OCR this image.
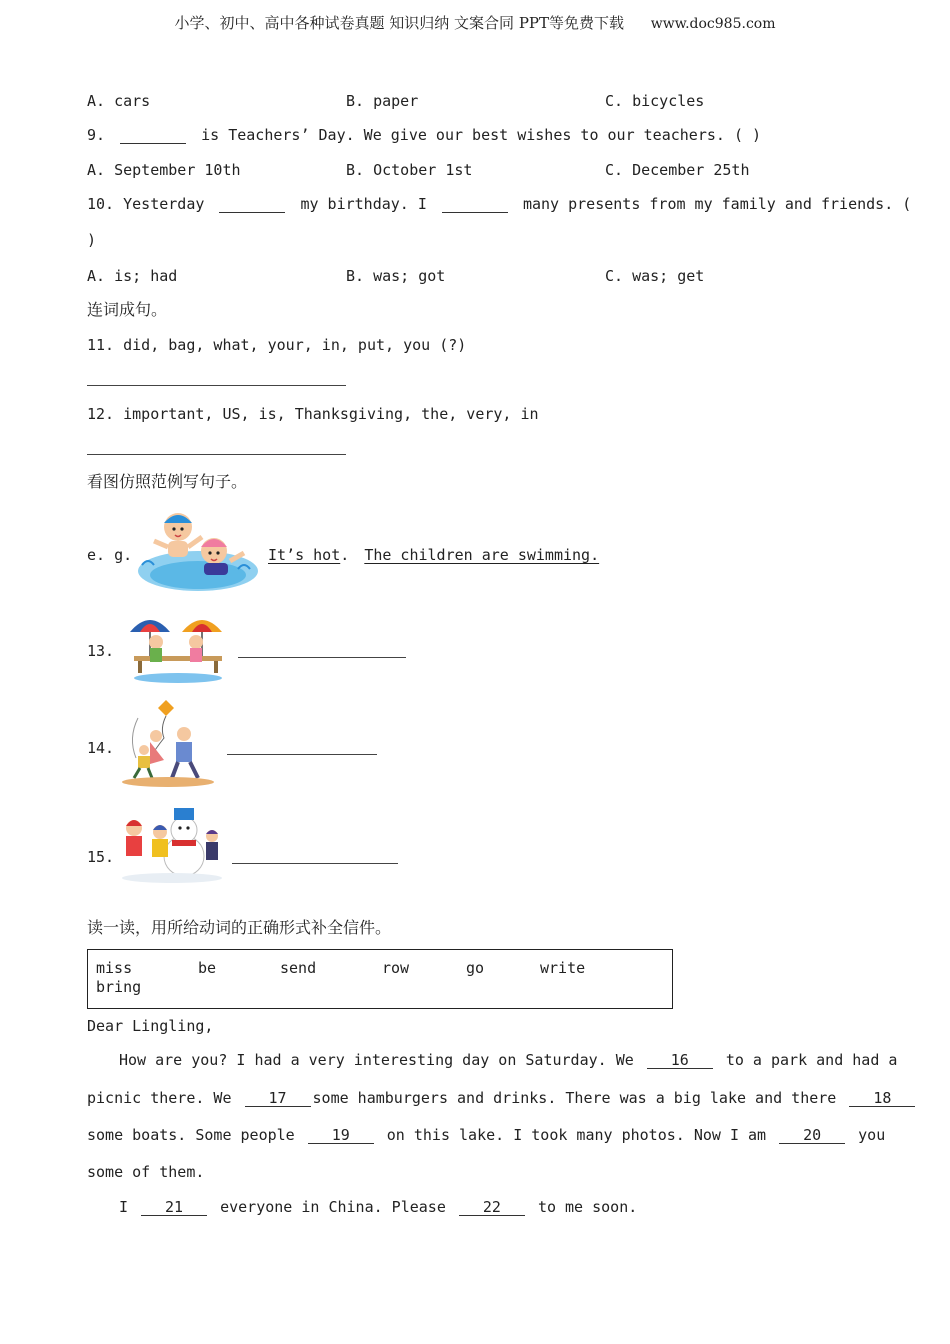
小学、初中、高中各种试卷真题 知识归纳 文案合同 PPT等免费下载 www.doc985.com
A. cars	B. paper	C. bicycles
9.	is Teachers’ Day. We give our best wishes to our teachers. ( )
A. September 10th	B. October 1st	C. December 25th
10. Yesterday	my birthday. I	many presents from my family and friends. (
)
A. is; had	B. was; got	C. was; get
连词成句。
11. did, bag, what, your, in, put, you (?)
12. important, US, is, Thanksgiving, the, very, in
看图仿照范例写句子。
e. g.	It’s hot. The children are swimming.
13.
14.
15.
读一读，用所给动词的正确形式补全信件。
miss	be	send	row	go	write
bring
Dear Lingling,
How are you? I had a very interesting day on Saturday. We 16 to a park and had a
picnic there. We 17 some hamburgers and drinks. There was a big lake and there 18
some boats. Some people 19 on this lake. I took many photos. Now I am 20 you
some of them.
I 21 everyone in China. Please 22 to me soon.
